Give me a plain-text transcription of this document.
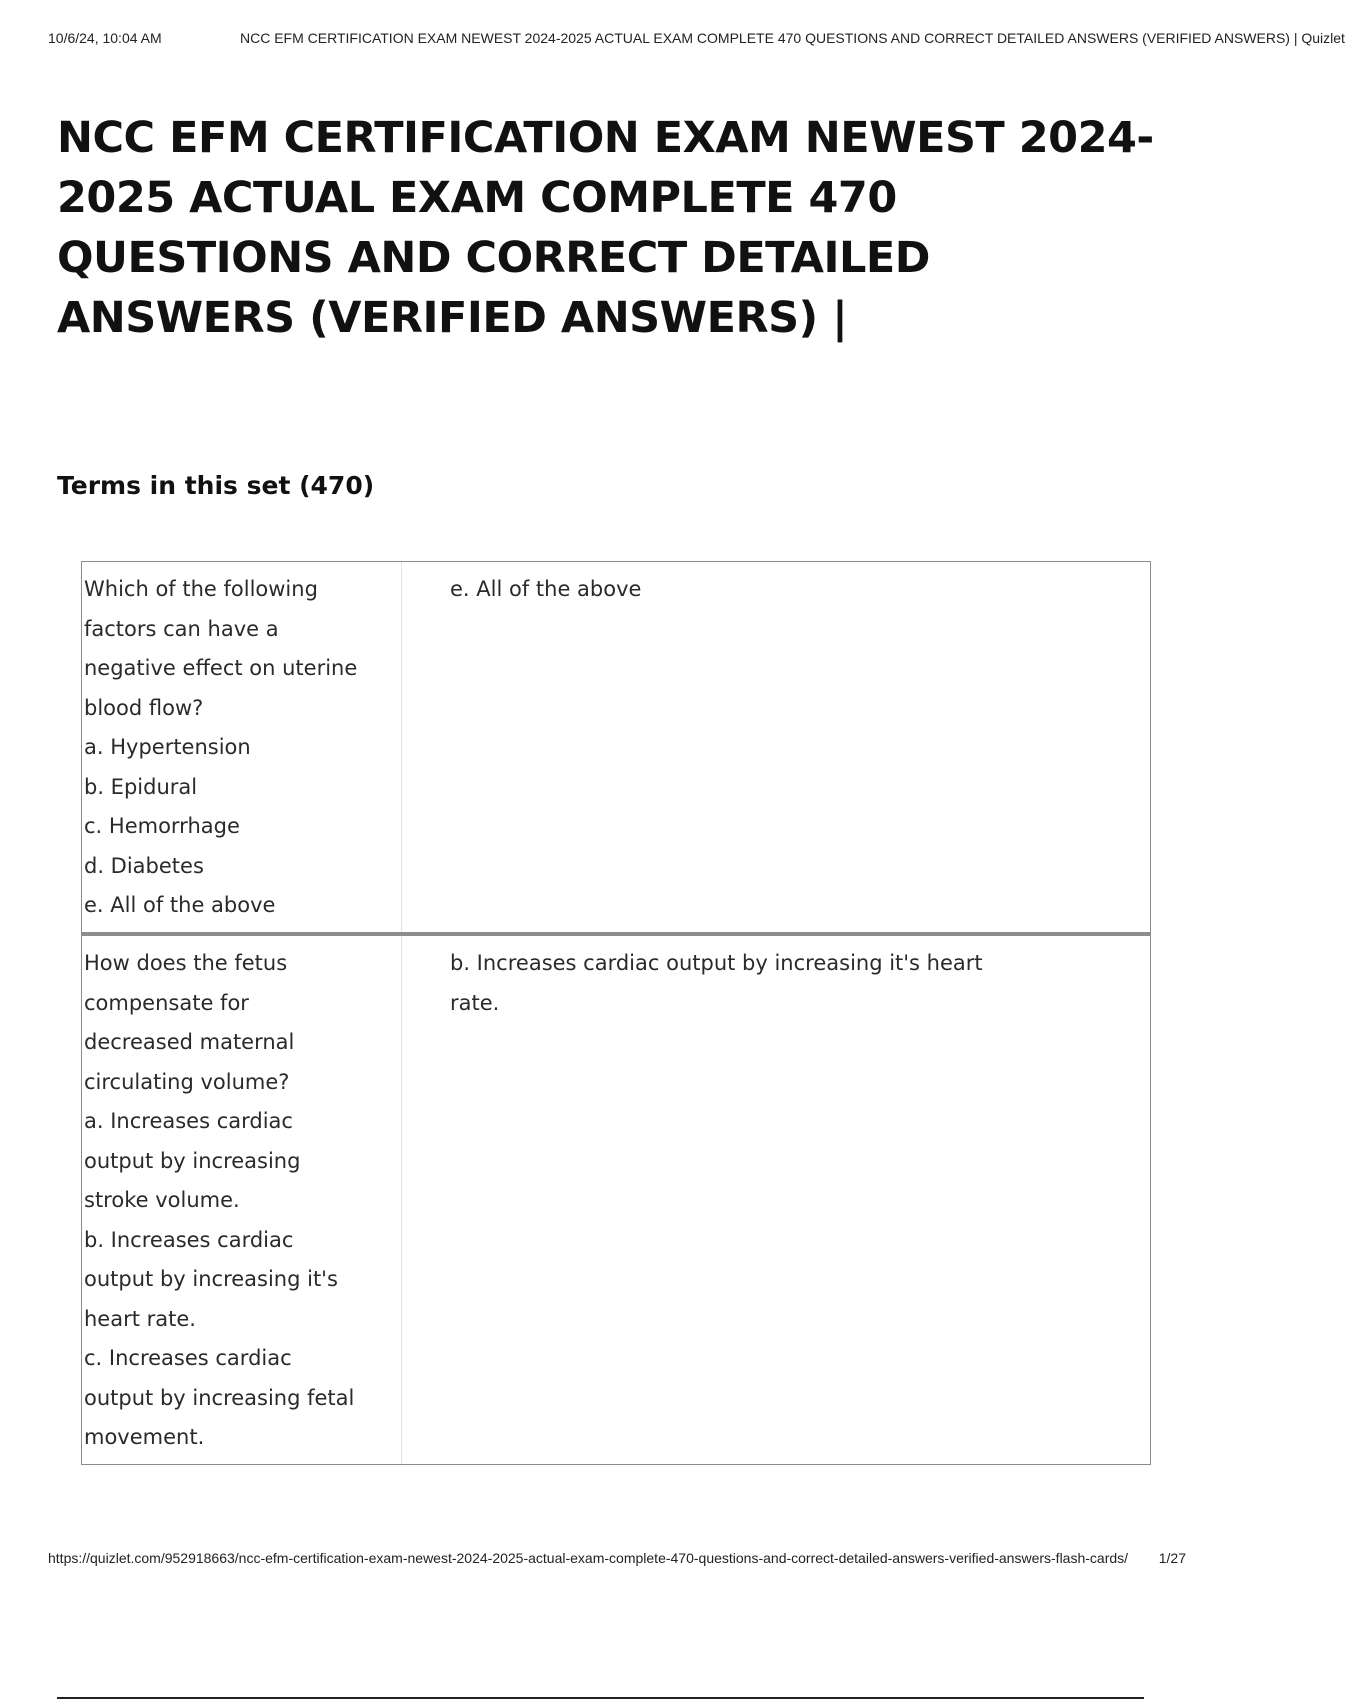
10/6/24, 10:04 AM	NCC EFM CERTIFICATION EXAM NEWEST 2024-2025 ACTUAL EXAM COMPLETE 470 QUESTIONS AND CORRECT DETAILED ANSWERS (VERIFIED ANSWERS) | Quizlet
NCC EFM CERTIFICATION EXAM NEWEST 2024-2025 ACTUAL EXAM COMPLETE 470 QUESTIONS AND CORRECT DETAILED ANSWERS (VERIFIED ANSWERS) |
Terms in this set (470)
Which of the following
factors can have a
negative effect on uterine
blood flow?
a. Hypertension
b. Epidural
c. Hemorrhage
d. Diabetes
e. All of the above
e. All of the above
How does the fetus
compensate for
decreased maternal
circulating volume?
a. Increases cardiac
output by increasing
stroke volume.
b. Increases cardiac
output by increasing it's
heart rate.
c. Increases cardiac
output by increasing fetal
movement.
b. Increases cardiac output by increasing it's heart
rate.
https://quizlet.com/952918663/ncc-efm-certification-exam-newest-2024-2025-actual-exam-complete-470-questions-and-correct-detailed-answers-verified-answers-flash-cards/ 1/27
